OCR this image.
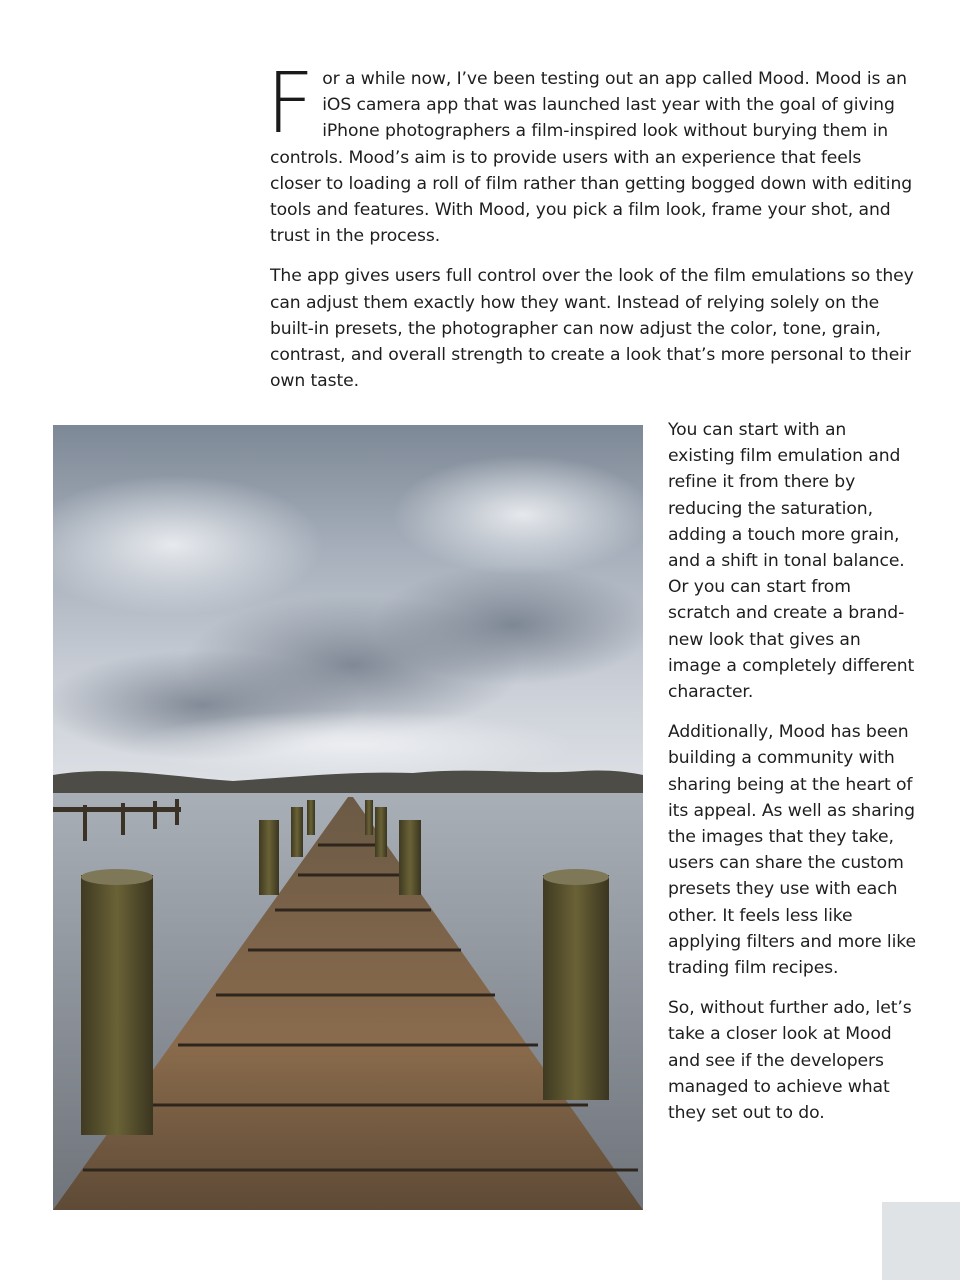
For a while now, I’ve been testing out an app called Mood. Mood is an iOS camera app that was launched last year with the goal of giving iPhone photographers a film-inspired look without burying them in controls. Mood’s aim is to provide users with an experience that feels closer to loading a roll of film rather than getting bogged down with editing tools and features. With Mood, you pick a film look, frame your shot, and trust in the process.

The app gives users full control over the look of the film emulations so they can adjust them exactly how they want. Instead of relying solely on the built-in presets, the photographer can now adjust the color, tone, grain, contrast, and overall strength to create a look that’s more personal to their own taste.

You can start with an existing film emulation and refine it from there by reducing the saturation, adding a touch more grain, and a shift in tonal balance. Or you can start from scratch and create a brand-new look that gives an image a completely different character.

Additionally, Mood has been building a community with sharing being at the heart of its appeal. As well as sharing the images that they take, users can share the custom presets they use with each other. It feels less like applying filters and more like trading film recipes.

So, without further ado, let’s take a closer look at Mood and see if the developers managed to achieve what they set out to do.
